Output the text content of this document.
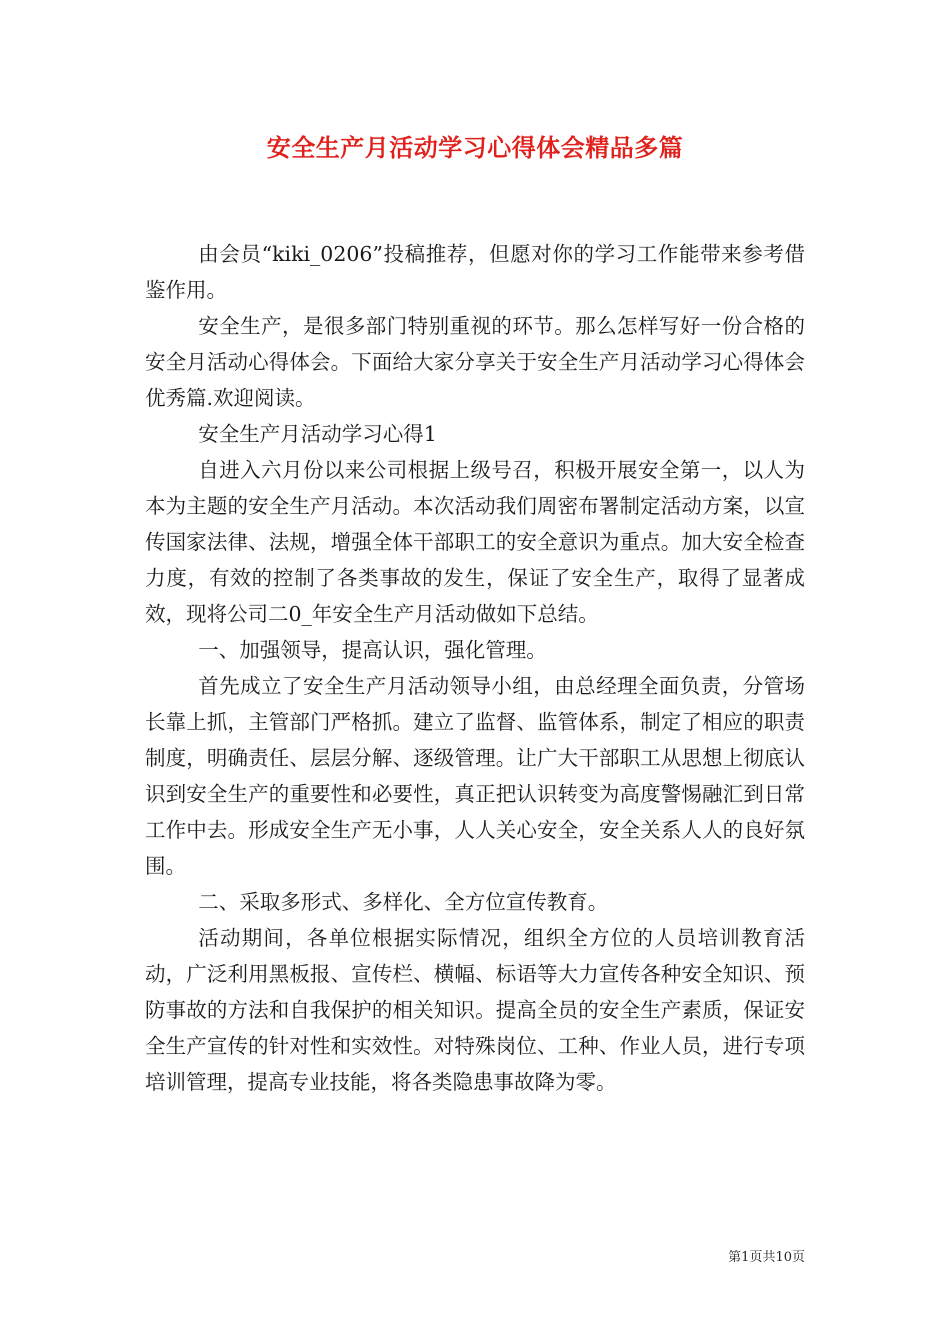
安全生产月活动学习心得体会精品多篇

由会员“kiki_0206”投稿推荐，但愿对你的学习工作能带来参考借鉴作用。

安全生产，是很多部门特别重视的环节。那么怎样写好一份合格的安全月活动心得体会。下面给大家分享关于安全生产月活动学习心得体会优秀篇.欢迎阅读。

安全生产月活动学习心得1

自进入六月份以来公司根据上级号召，积极开展安全第一，以人为本为主题的安全生产月活动。本次活动我们周密布署制定活动方案，以宣传国家法律、法规，增强全体干部职工的安全意识为重点。加大安全检查力度，有效的控制了各类事故的发生，保证了安全生产，取得了显著成效，现将公司二0_年安全生产月活动做如下总结。

一、加强领导，提高认识，强化管理。

首先成立了安全生产月活动领导小组，由总经理全面负责，分管场长靠上抓，主管部门严格抓。建立了监督、监管体系，制定了相应的职责制度，明确责任、层层分解、逐级管理。让广大干部职工从思想上彻底认识到安全生产的重要性和必要性，真正把认识转变为高度警惕融汇到日常工作中去。形成安全生产无小事，人人关心安全，安全关系人人的良好氛围。

二、采取多形式、多样化、全方位宣传教育。

活动期间，各单位根据实际情况，组织全方位的人员培训教育活动，广泛利用黑板报、宣传栏、横幅、标语等大力宣传各种安全知识、预防事故的方法和自我保护的相关知识。提高全员的安全生产素质，保证安全生产宣传的针对性和实效性。对特殊岗位、工种、作业人员，进行专项培训管理，提高专业技能，将各类隐患事故降为零。

第1页共10页
